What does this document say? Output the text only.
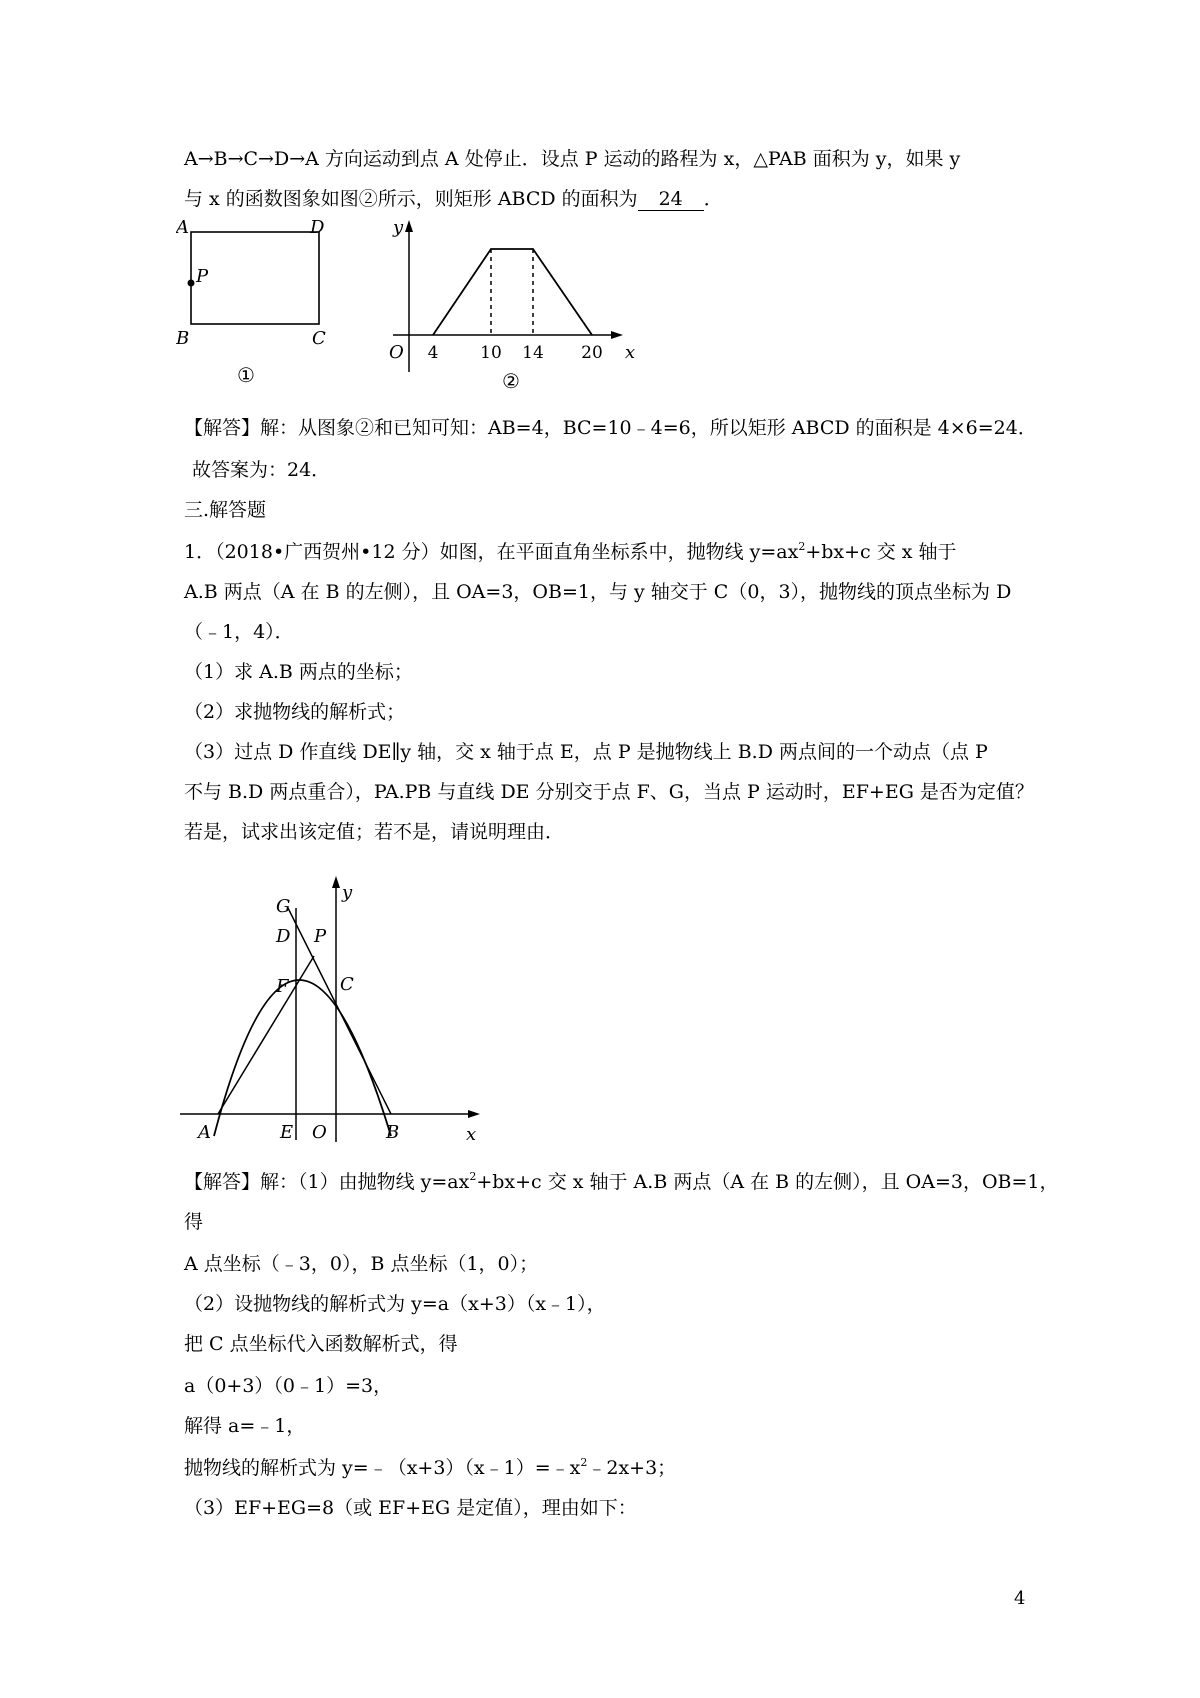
A→B→C→D→A 方向运动到点 A 处停止．设点 P 运动的路程为 x，△PAB 面积为 y，如果 y
与 x 的函数图象如图②所示，则矩形 ABCD 的面积为 24 ．
A	D
P
B	C
①
y
x
O 4 10 14 20
②
【解答】解：从图象②和已知可知：AB=4，BC=10﹣4=6，所以矩形 ABCD 的面积是 4×6=24．
故答案为：24．
三.解答题
1．（2018•广西贺州•12 分）如图，在平面直角坐标系中，抛物线 $y=ax^2+bx+c$ 交 x 轴于
A.B 两点（A 在 B 的左侧），且 OA=3，OB=1，与 y 轴交于 C（0，3），抛物线的顶点坐标为 D
（﹣1，4）．
（1）求 A.B 两点的坐标；
（2）求抛物线的解析式；
（3）过点 D 作直线 DE∥y 轴，交 x 轴于点 E，点 P 是抛物线上 B.D 两点间的一个动点（点 P
不与 B.D 两点重合），PA.PB 与直线 DE 分别交于点 F、G，当点 P 运动时，EF+EG 是否为定值？
若是，试求出该定值；若不是，请说明理由．
G
D P
F	C
y
A	E O	B	x
【解答】解：（1）由抛物线 $y=ax^2+bx+c$ 交 x 轴于 A.B 两点（A 在 B 的左侧），且 OA=3，OB=1，
得
A 点坐标（﹣3，0），B 点坐标（1，0）；
（2）设抛物线的解析式为 y=a（x+3）（x﹣1），
把 C 点坐标代入函数解析式，得
a（0+3）（0﹣1）=3，
解得 a=﹣1，
抛物线的解析式为 $y=﹣(x+3)(x﹣1)=﹣x^2﹣2x+3$；
（3）EF+EG=8（或 EF+EG 是定值），理由如下：
4
